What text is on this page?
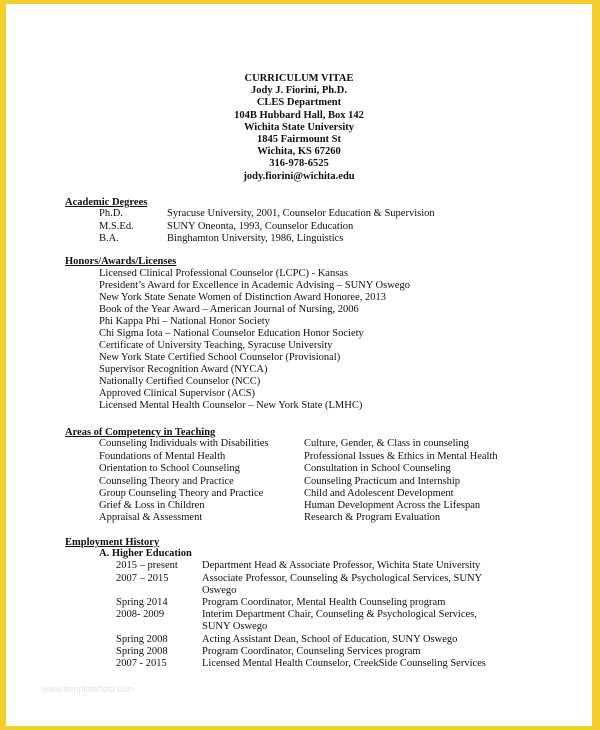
CURRICULUM VITAE
Jody J. Fiorini, Ph.D.
CLES Department
104B Hubbard Hall, Box 142
Wichita State University
1845 Fairmount St
Wichita, KS 67260
316-978-6525
jody.fiorini@wichita.edu
Academic Degrees
Ph.D.	Syracuse University, 2001, Counselor Education & Supervision
M.S.Ed.	SUNY Oneonta, 1993, Counselor Education
B.A.	Binghamton University, 1986, Linguistics
Honors/Awards/Licenses
Licensed Clinical Professional Counselor (LCPC) - Kansas
President’s Award for Excellence in Academic Advising – SUNY Oswego
New York State Senate Women of Distinction Award Honoree, 2013
Book of the Year Award – American Journal of Nursing, 2006
Phi Kappa Phi – National Honor Society
Chi Sigma Iota – National Counselor Education Honor Society
Certificate of University Teaching, Syracuse University
New York State Certified School Counselor (Provisional)
Supervisor Recognition Award (NYCA)
Nationally Certified Counselor (NCC)
Approved Clinical Supervisor (ACS)
Licensed Mental Health Counselor – New York State (LMHC)
Areas of Competency in Teaching
Counseling Individuals with Disabilities	Culture, Gender, & Class in counseling
Foundations of Mental Health	Professional Issues & Ethics in Mental Health
Orientation to School Counseling	Consultation in School Counseling
Counseling Theory and Practice	Counseling Practicum and Internship
Group Counseling Theory and Practice	Child and Adolescent Development
Grief & Loss in Children	Human Development Across the Lifespan
Appraisal & Assessment	Research & Program Evaluation
Employment History
A. Higher Education
2015 – present Department Head & Associate Professor, Wichita State University
2007 – 2015	Associate Professor, Counseling & Psychological Services, SUNY
Oswego
Spring 2014	Program Coordinator, Mental Health Counseling program
2008- 2009	Interim Department Chair, Counseling & Psychological Services,
SUNY Oswego
Spring 2008	Acting Assistant Dean, School of Education, SUNY Oswego
Spring 2008	Program Coordinator, Counseling Services program
2007 - 2015	Licensed Mental Health Counselor, CreekSide Counseling Services
www.templatehost.com
